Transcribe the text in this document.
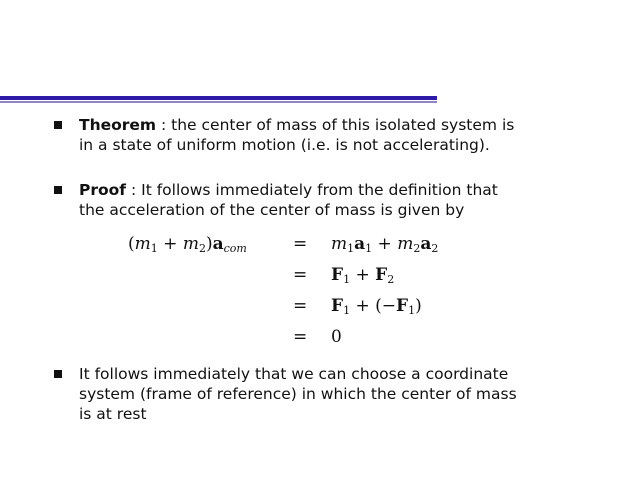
Theorem : the center of mass of this isolated system is
in a state of uniform motion (i.e. is not accelerating).

Proof : It follows immediately from the definition that
the acceleration of the center of mass is given by

$(m_1 + m_2)a_{com}$	= $m_1a_1 + m_2a_2$
= $F_1 + F_2$
= $F_1 + (-F_1)$
= 0

It follows immediately that we can choose a coordinate
system (frame of reference) in which the center of mass
is at rest
